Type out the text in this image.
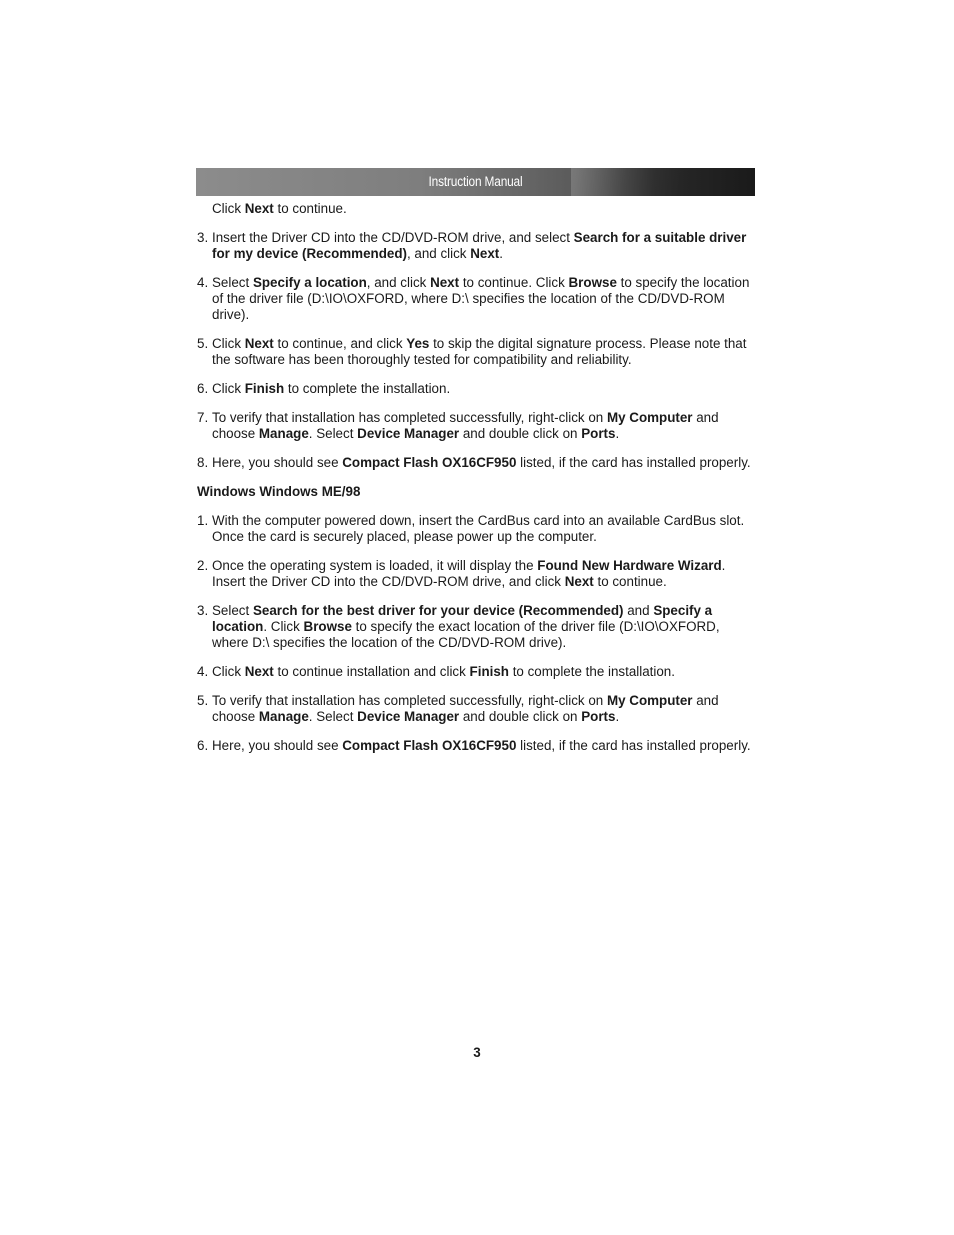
Instruction Manual

Click Next to continue.

3. Insert the Driver CD into the CD/DVD-ROM drive, and select Search for a suitable driver for my device (Recommended), and click Next.
4. Select Specify a location, and click Next to continue. Click Browse to specify the location of the driver file (D:\IO\OXFORD, where D:\ specifies the location of the CD/DVD-ROM drive).
5. Click Next to continue, and click Yes to skip the digital signature process. Please note that the software has been thoroughly tested for compatibility and reliability.
6. Click Finish to complete the installation.
7. To verify that installation has completed successfully, right-click on My Computer and choose Manage. Select Device Manager and double click on Ports.
8. Here, you should see Compact Flash OX16CF950 listed, if the card has installed properly.

Windows Windows ME/98

1. With the computer powered down, insert the CardBus card into an available CardBus slot. Once the card is securely placed, please power up the computer.
2. Once the operating system is loaded, it will display the Found New Hardware Wizard. Insert the Driver CD into the CD/DVD-ROM drive, and click Next to continue.
3. Select Search for the best driver for your device (Recommended) and Specify a location. Click Browse to specify the exact location of the driver file (D:\IO\OXFORD, where D:\ specifies the location of the CD/DVD-ROM drive).
4. Click Next to continue installation and click Finish to complete the installation.
5. To verify that installation has completed successfully, right-click on My Computer and choose Manage. Select Device Manager and double click on Ports.
6. Here, you should see Compact Flash OX16CF950 listed, if the card has installed properly.
3
